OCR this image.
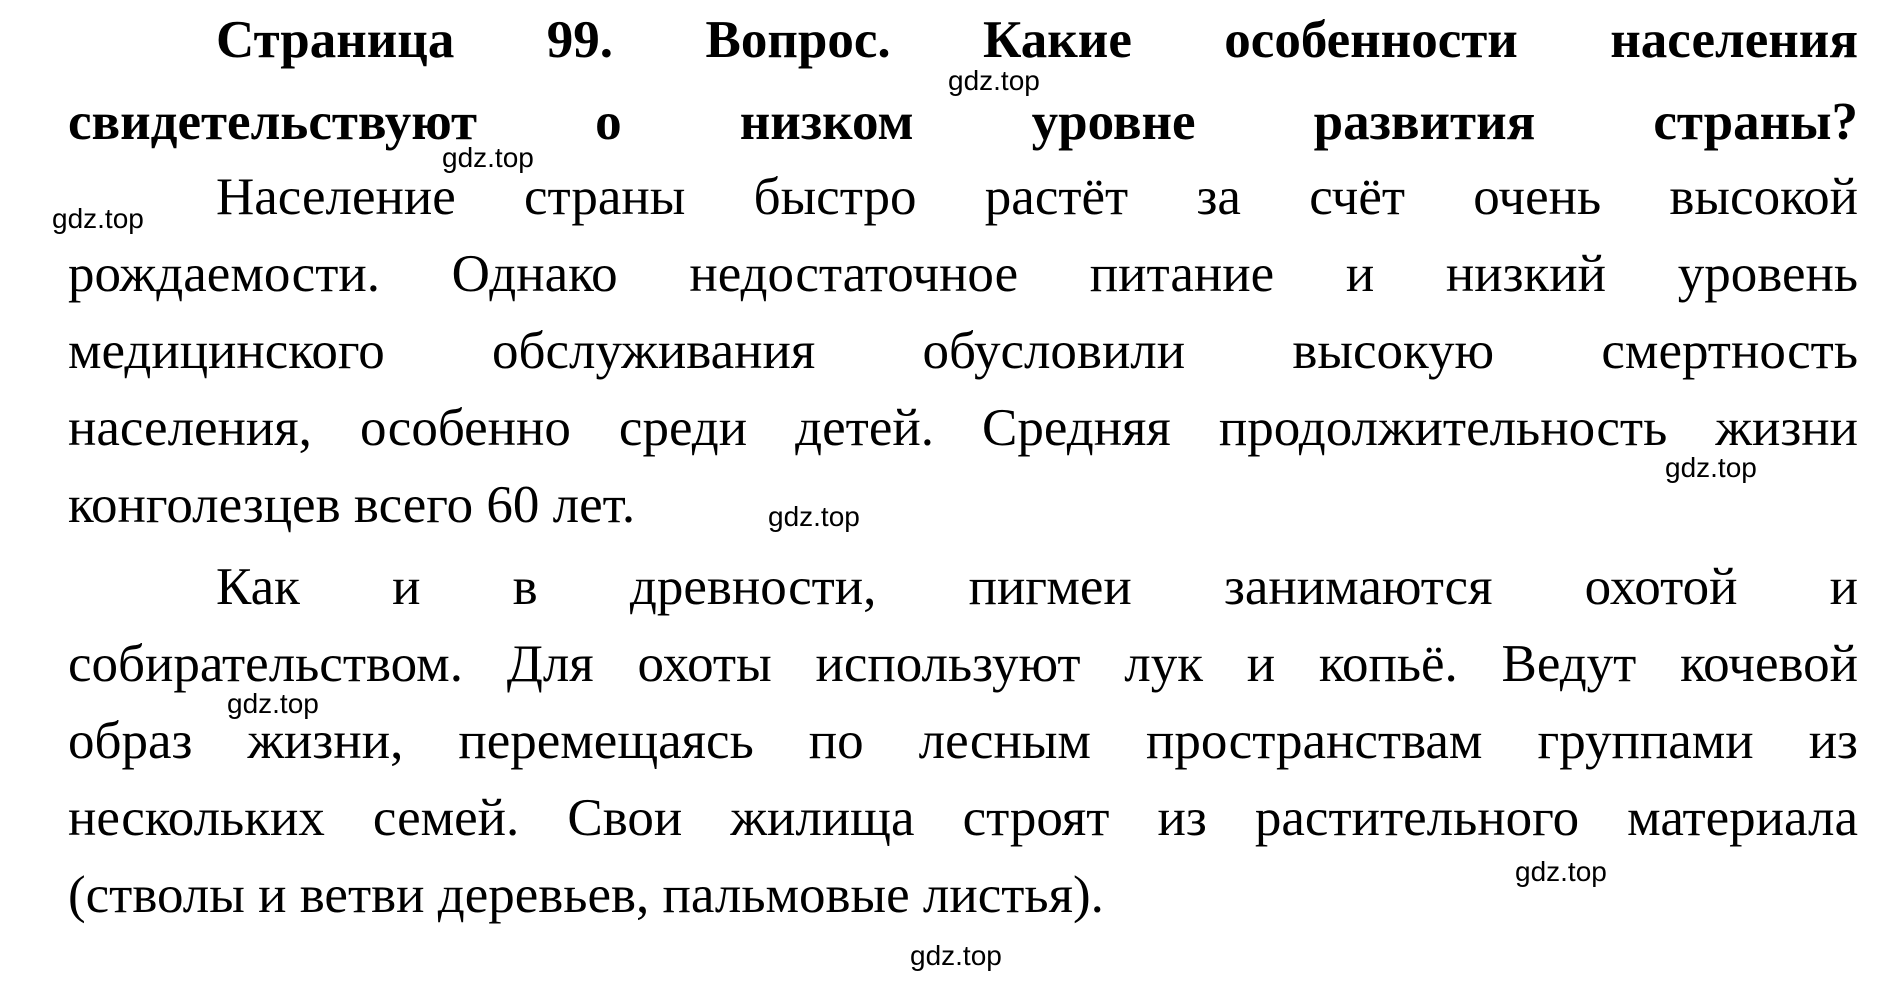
Страница 99. Вопрос. Какие особенности населения
свидетельствуют о низком уровне развития страны?
Население страны быстро растёт за счёт очень высокой
рождаемости. Однако недостаточное питание и низкий уровень
медицинского обслуживания обусловили высокую смертность
населения, особенно среди детей. Средняя продолжительность жизни
конголезцев всего 60 лет.
Как и в древности, пигмеи занимаются охотой и
собирательством. Для охоты используют лук и копьё. Ведут кочевой
образ жизни, перемещаясь по лесным пространствам группами из
нескольких семей. Свои жилища строят из растительного материала
(стволы и ветви деревьев, пальмовые листья).
gdz.top
gdz.top
gdz.top
gdz.top
gdz.top
gdz.top
gdz.top
gdz.top
